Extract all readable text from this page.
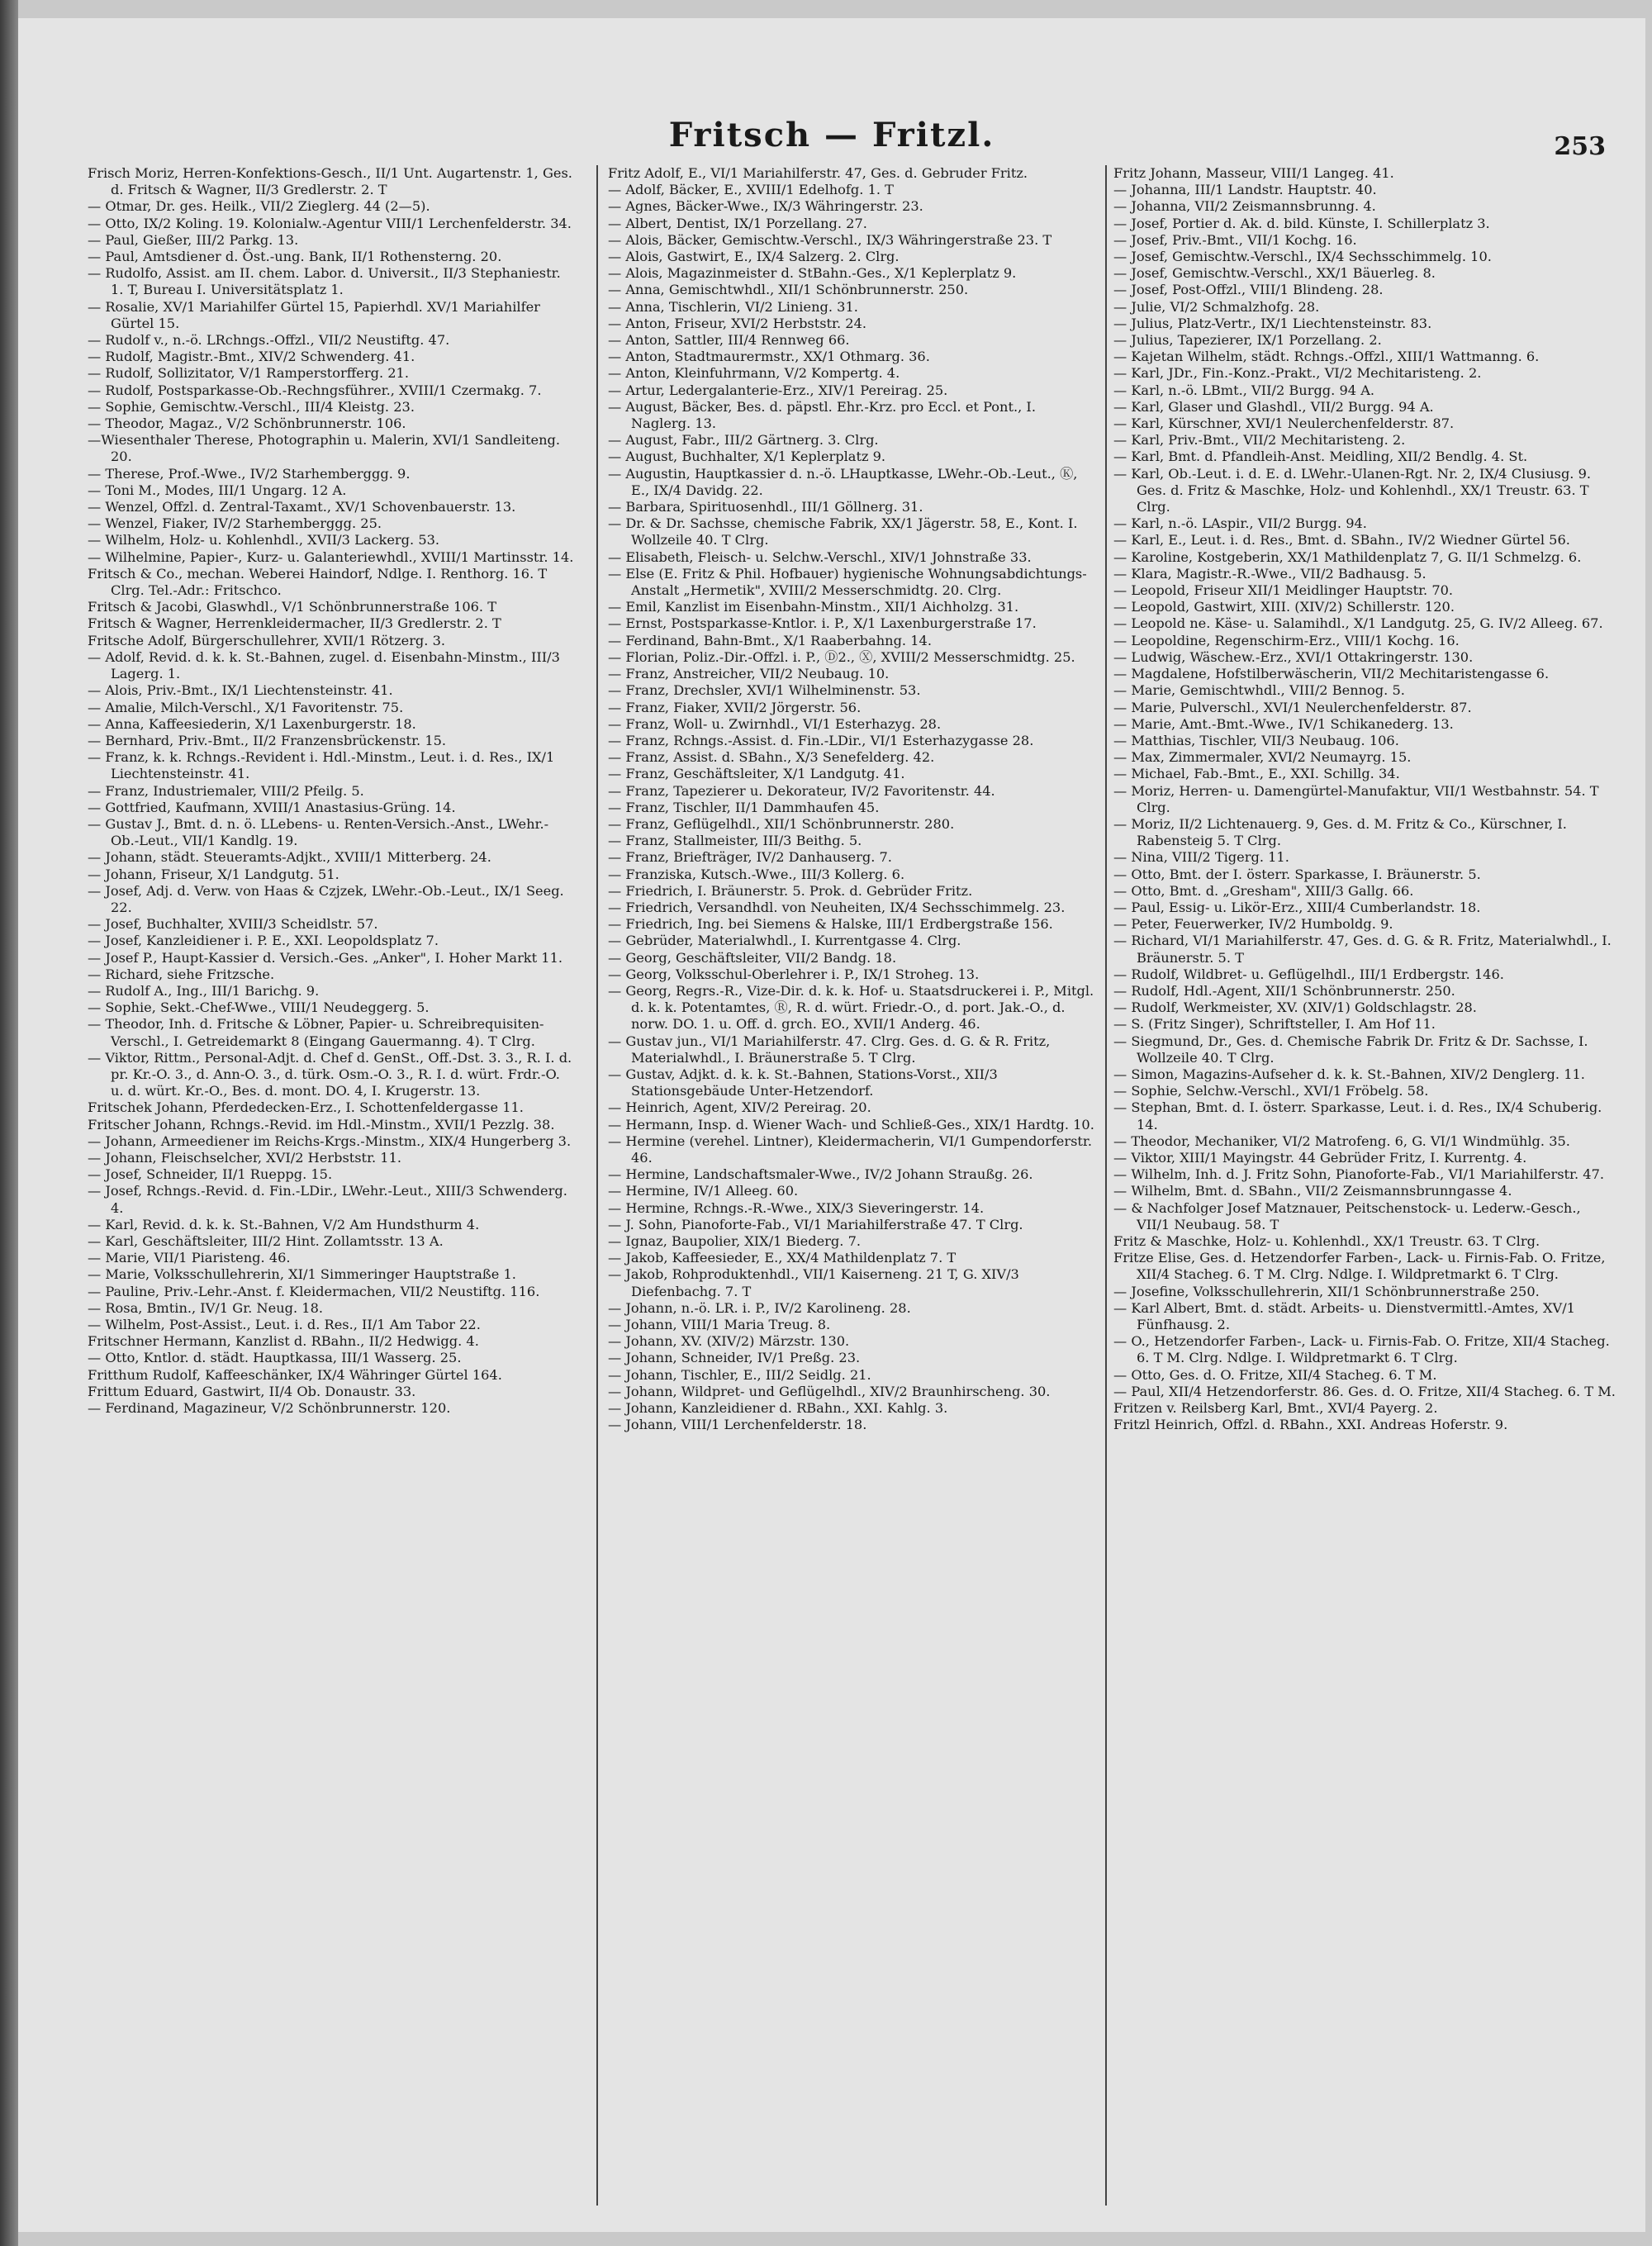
Fritsch — Fritzl.	253

Frisch Moriz, Herren-Konfektions-Gesch., II/1 Unt. Augartenstr. 1, Ges. d. Fritsch & Wagner, II/3 Gredlerstr. 2. T

— Otmar, Dr. ges. Heilk., VII/2 Zieglerg. 44 (2—5).

— Otto, IX/2 Koling. 19. Kolonialw.-Agentur VIII/1 Lerchenfelderstr. 34.

— Paul, Gießer, III/2 Parkg. 13.

— Paul, Amtsdiener d. Öst.-ung. Bank, II/1 Rothensterng. 20.

— Rudolfo, Assist. am II. chem. Labor. d. Universit., II/3 Stephaniestr. 1. T, Bureau I. Universitätsplatz 1.

— Rosalie, XV/1 Mariahilfer Gürtel 15, Papierhdl. XV/1 Mariahilfer Gürtel 15.

— Rudolf v., n.-ö. LRchngs.-Offzl., VII/2 Neustiftg. 47.

— Rudolf, Magistr.-Bmt., XIV/2 Schwenderg. 41.

— Rudolf, Sollizitator, V/1 Ramperstorfferg. 21.

— Rudolf, Postsparkasse-Ob.-Rechngsführer., XVIII/1 Czermakg. 7.

— Sophie, Gemischtw.-Verschl., III/4 Kleistg. 23.

— Theodor, Magaz., V/2 Schönbrunnerstr. 106.

—Wiesenthaler Therese, Photographin u. Malerin, XVI/1 Sandleiteng. 20.

— Therese, Prof.-Wwe., IV/2 Starhemberggg. 9.

— Toni M., Modes, III/1 Ungarg. 12 A.

— Wenzel, Offzl. d. Zentral-Taxamt., XV/1 Schovenbauerstr. 13.

— Wenzel, Fiaker, IV/2 Starhemberggg. 25.

— Wilhelm, Holz- u. Kohlenhdl., XVII/3 Lackerg. 53.

— Wilhelmine, Papier-, Kurz- u. Galanteriewhdl., XVIII/1 Martinsstr. 14.

Fritsch & Co., mechan. Weberei Haindorf, Ndlge. I. Renthorg. 16. T Clrg. Tel.-Adr.: Fritschco.

Fritsch & Jacobi, Glaswhdl., V/1 Schönbrunnerstraße 106. T

Fritsch & Wagner, Herrenkleidermacher, II/3 Gredlerstr. 2. T

Fritsche Adolf, Bürgerschullehrer, XVII/1 Rötzerg. 3.

— Adolf, Revid. d. k. k. St.-Bahnen, zugel. d. Eisenbahn-Minstm., III/3 Lagerg. 1.

— Alois, Priv.-Bmt., IX/1 Liechtensteinstr. 41.

— Amalie, Milch-Verschl., X/1 Favoritenstr. 75.

— Anna, Kaffeesiederin, X/1 Laxenburgerstr. 18.

— Bernhard, Priv.-Bmt., II/2 Franzensbrückenstr. 15.

— Franz, k. k. Rchngs.-Revident i. Hdl.-Minstm., Leut. i. d. Res., IX/1 Liechtensteinstr. 41.

— Franz, Industriemaler, VIII/2 Pfeilg. 5.

— Gottfried, Kaufmann, XVIII/1 Anastasius-Grüng. 14.

— Gustav J., Bmt. d. n. ö. LLebens- u. Renten-Versich.-Anst., LWehr.-Ob.-Leut., VII/1 Kandlg. 19.

— Johann, städt. Steueramts-Adjkt., XVIII/1 Mitterberg. 24.

— Johann, Friseur, X/1 Landgutg. 51.

— Josef, Adj. d. Verw. von Haas & Czjzek, LWehr.-Ob.-Leut., IX/1 Seeg. 22.

— Josef, Buchhalter, XVIII/3 Scheidlstr. 57.

— Josef, Kanzleidiener i. P. E., XXI. Leopoldsplatz 7.

— Josef P., Haupt-Kassier d. Versich.-Ges. „Anker", I. Hoher Markt 11.

— Richard, siehe Fritzsche.

— Rudolf A., Ing., III/1 Barichg. 9.

— Sophie, Sekt.-Chef-Wwe., VIII/1 Neudeggerg. 5.

— Theodor, Inh. d. Fritsche & Löbner, Papier- u. Schreibrequisiten-Verschl., I. Getreidemarkt 8 (Eingang Gauermanng. 4). T Clrg.

— Viktor, Rittm., Personal-Adjt. d. Chef d. GenSt., Off.-Dst. 3. 3., R. I. d. pr. Kr.-O. 3., d. Ann-O. 3., d. türk. Osm.-O. 3., R. I. d. würt. Frdr.-O. u. d. würt. Kr.-O., Bes. d. mont. DO. 4, I. Krugerstr. 13.

Fritschek Johann, Pferdedecken-Erz., I. Schottenfeldergasse 11.

Fritscher Johann, Rchngs.-Revid. im Hdl.-Minstm., XVII/1 Pezzlg. 38.

— Johann, Armeediener im Reichs-Krgs.-Minstm., XIX/4 Hungerberg 3.

— Johann, Fleischselcher, XVI/2 Herbststr. 11.

— Josef, Schneider, II/1 Rueppg. 15.

— Josef, Rchngs.-Revid. d. Fin.-LDir., LWehr.-Leut., XIII/3 Schwenderg. 4.

— Karl, Revid. d. k. k. St.-Bahnen, V/2 Am Hundsthurm 4.

— Karl, Geschäftsleiter, III/2 Hint. Zollamtsstr. 13 A.

— Marie, VII/1 Piaristeng. 46.

— Marie, Volksschullehrerin, XI/1 Simmeringer Hauptstraße 1.

— Pauline, Priv.-Lehr.-Anst. f. Kleidermachen, VII/2 Neustiftg. 116.

— Rosa, Bmtin., IV/1 Gr. Neug. 18.

— Wilhelm, Post-Assist., Leut. i. d. Res., II/1 Am Tabor 22.

Fritschner Hermann, Kanzlist d. RBahn., II/2 Hedwigg. 4.

— Otto, Kntlor. d. städt. Hauptkassa, III/1 Wasserg. 25.

Fritthum Rudolf, Kaffeeschänker, IX/4 Währinger Gürtel 164.

Frittum Eduard, Gastwirt, II/4 Ob. Donaustr. 33.

— Ferdinand, Magazineur, V/2 Schönbrunnerstr. 120.

Fritz Adolf, E., VI/1 Mariahilferstr. 47, Ges. d. Gebruder Fritz.

— Adolf, Bäcker, E., XVIII/1 Edelhofg. 1. T

— Agnes, Bäcker-Wwe., IX/3 Währingerstr. 23.

— Albert, Dentist, IX/1 Porzellang. 27.

— Alois, Bäcker, Gemischtw.-Verschl., IX/3 Währingerstraße 23. T

— Alois, Gastwirt, E., IX/4 Salzerg. 2. Clrg.

— Alois, Magazinmeister d. StBahn.-Ges., X/1 Keplerplatz 9.

— Anna, Gemischtwhdl., XII/1 Schönbrunnerstr. 250.

— Anna, Tischlerin, VI/2 Linieng. 31.

— Anton, Friseur, XVI/2 Herbststr. 24.

— Anton, Sattler, III/4 Rennweg 66.

— Anton, Stadtmaurermstr., XX/1 Othmarg. 36.

— Anton, Kleinfuhrmann, V/2 Kompertg. 4.

— Artur, Ledergalanterie-Erz., XIV/1 Pereirag. 25.

— August, Bäcker, Bes. d. päpstl. Ehr.-Krz. pro Eccl. et Pont., I. Naglerg. 13.

— August, Fabr., III/2 Gärtnerg. 3. Clrg.

— August, Buchhalter, X/1 Keplerplatz 9.

— Augustin, Hauptkassier d. n.-ö. LHauptkasse, LWehr.-Ob.-Leut., Ⓚ, E., IX/4 Davidg. 22.

— Barbara, Spirituosenhdl., III/1 Göllnerg. 31.

— Dr. & Dr. Sachsse, chemische Fabrik, XX/1 Jägerstr. 58, E., Kont. I. Wollzeile 40. T Clrg.

— Elisabeth, Fleisch- u. Selchw.-Verschl., XIV/1 Johnstraße 33.

— Else (E. Fritz & Phil. Hofbauer) hygienische Wohnungsabdichtungs-Anstalt „Hermetik", XVIII/2 Messerschmidtg. 20. Clrg.

— Emil, Kanzlist im Eisenbahn-Minstm., XII/1 Aichholzg. 31.

— Ernst, Postsparkasse-Kntlor. i. P., X/1 Laxenburgerstraße 17.

— Ferdinand, Bahn-Bmt., X/1 Raaberbahng. 14.

— Florian, Poliz.-Dir.-Offzl. i. P., Ⓓ2., Ⓧ, XVIII/2 Messerschmidtg. 25.

— Franz, Anstreicher, VII/2 Neubaug. 10.

— Franz, Drechsler, XVI/1 Wilhelminenstr. 53.

— Franz, Fiaker, XVII/2 Jörgerstr. 56.

— Franz, Woll- u. Zwirnhdl., VI/1 Esterhazyg. 28.

— Franz, Rchngs.-Assist. d. Fin.-LDir., VI/1 Esterhazygasse 28.

— Franz, Assist. d. SBahn., X/3 Senefelderg. 42.

— Franz, Geschäftsleiter, X/1 Landgutg. 41.

— Franz, Tapezierer u. Dekorateur, IV/2 Favoritenstr. 44.

— Franz, Tischler, II/1 Dammhaufen 45.

— Franz, Geflügelhdl., XII/1 Schönbrunnerstr. 280.

— Franz, Stallmeister, III/3 Beithg. 5.

— Franz, Briefträger, IV/2 Danhauserg. 7.

— Franziska, Kutsch.-Wwe., III/3 Kollerg. 6.

— Friedrich, I. Bräunerstr. 5. Prok. d. Gebrüder Fritz.

— Friedrich, Versandhdl. von Neuheiten, IX/4 Sechsschimmelg. 23.

— Friedrich, Ing. bei Siemens & Halske, III/1 Erdbergstraße 156.

— Gebrüder, Materialwhdl., I. Kurrentgasse 4. Clrg.

— Georg, Geschäftsleiter, VII/2 Bandg. 18.

— Georg, Volksschul-Oberlehrer i. P., IX/1 Stroheg. 13.

— Georg, Regrs.-R., Vize-Dir. d. k. k. Hof- u. Staatsdruckerei i. P., Mitgl. d. k. k. Potentamtes, Ⓡ, R. d. würt. Friedr.-O., d. port. Jak.-O., d. norw. DO. 1. u. Off. d. grch. EO., XVII/1 Anderg. 46.

— Gustav jun., VI/1 Mariahilferstr. 47. Clrg. Ges. d. G. & R. Fritz, Materialwhdl., I. Bräunerstraße 5. T Clrg.

— Gustav, Adjkt. d. k. k. St.-Bahnen, Stations-Vorst., XII/3 Stationsgebäude Unter-Hetzendorf.

— Heinrich, Agent, XIV/2 Pereirag. 20.

— Hermann, Insp. d. Wiener Wach- und Schließ-Ges., XIX/1 Hardtg. 10.

— Hermine (verehel. Lintner), Kleidermacherin, VI/1 Gumpendorferstr. 46.

— Hermine, Landschaftsmaler-Wwe., IV/2 Johann Straußg. 26.

— Hermine, IV/1 Alleeg. 60.

— Hermine, Rchngs.-R.-Wwe., XIX/3 Sieveringerstr. 14.

— J. Sohn, Pianoforte-Fab., VI/1 Mariahilferstraße 47. T Clrg.

— Ignaz, Baupolier, XIX/1 Biederg. 7.

— Jakob, Kaffeesieder, E., XX/4 Mathildenplatz 7. T

— Jakob, Rohproduktenhdl., VII/1 Kaiserneng. 21 T, G. XIV/3 Diefenbachg. 7. T

— Johann, n.-ö. LR. i. P., IV/2 Karolineng. 28.

— Johann, VIII/1 Maria Treug. 8.

— Johann, XV. (XIV/2) Märzstr. 130.

— Johann, Schneider, IV/1 Preßg. 23.

— Johann, Tischler, E., III/2 Seidlg. 21.

— Johann, Wildpret- und Geflügelhdl., XIV/2 Braunhirscheng. 30.

— Johann, Kanzleidiener d. RBahn., XXI. Kahlg. 3.

— Johann, VIII/1 Lerchenfelderstr. 18.

Fritz Johann, Masseur, VIII/1 Langeg. 41.

— Johanna, III/1 Landstr. Hauptstr. 40.

— Johanna, VII/2 Zeismannsbrunng. 4.

— Josef, Portier d. Ak. d. bild. Künste, I. Schillerplatz 3.

— Josef, Priv.-Bmt., VII/1 Kochg. 16.

— Josef, Gemischtw.-Verschl., IX/4 Sechsschimmelg. 10.

— Josef, Gemischtw.-Verschl., XX/1 Bäuerleg. 8.

— Josef, Post-Offzl., VIII/1 Blindeng. 28.

— Julie, VI/2 Schmalzhofg. 28.

— Julius, Platz-Vertr., IX/1 Liechtensteinstr. 83.

— Julius, Tapezierer, IX/1 Porzellang. 2.

— Kajetan Wilhelm, städt. Rchngs.-Offzl., XIII/1 Wattmanng. 6.

— Karl, JDr., Fin.-Konz.-Prakt., VI/2 Mechitaristeng. 2.

— Karl, n.-ö. LBmt., VII/2 Burgg. 94 A.

— Karl, Glaser und Glashdl., VII/2 Burgg. 94 A.

— Karl, Kürschner, XVI/1 Neulerchenfelderstr. 87.

— Karl, Priv.-Bmt., VII/2 Mechitaristeng. 2.

— Karl, Bmt. d. Pfandleih-Anst. Meidling, XII/2 Bendlg. 4. St.

— Karl, Ob.-Leut. i. d. E. d. LWehr.-Ulanen-Rgt. Nr. 2, IX/4 Clusiusg. 9. Ges. d. Fritz & Maschke, Holz- und Kohlenhdl., XX/1 Treustr. 63. T Clrg.

— Karl, n.-ö. LAspir., VII/2 Burgg. 94.

— Karl, E., Leut. i. d. Res., Bmt. d. SBahn., IV/2 Wiedner Gürtel 56.

— Karoline, Kostgeberin, XX/1 Mathildenplatz 7, G. II/1 Schmelzg. 6.

— Klara, Magistr.-R.-Wwe., VII/2 Badhausg. 5.

— Leopold, Friseur XII/1 Meidlinger Hauptstr. 70.

— Leopold, Gastwirt, XIII. (XIV/2) Schillerstr. 120.

— Leopold ne. Käse- u. Salamihdl., X/1 Landgutg. 25, G. IV/2 Alleeg. 67.

— Leopoldine, Regenschirm-Erz., VIII/1 Kochg. 16.

— Ludwig, Wäschew.-Erz., XVI/1 Ottakringerstr. 130.

— Magdalene, Hofstilberwäscherin, VII/2 Mechitaristengasse 6.

— Marie, Gemischtwhdl., VIII/2 Bennog. 5.

— Marie, Pulverschl., XVI/1 Neulerchenfelderstr. 87.

— Marie, Amt.-Bmt.-Wwe., IV/1 Schikanederg. 13.

— Matthias, Tischler, VII/3 Neubaug. 106.

— Max, Zimmermaler, XVI/2 Neumayrg. 15.

— Michael, Fab.-Bmt., E., XXI. Schillg. 34.

— Moriz, Herren- u. Damengürtel-Manufaktur, VII/1 Westbahnstr. 54. T Clrg.

— Moriz, II/2 Lichtenauerg. 9, Ges. d. M. Fritz & Co., Kürschner, I. Rabensteig 5. T Clrg.

— Nina, VIII/2 Tigerg. 11.

— Otto, Bmt. der I. österr. Sparkasse, I. Bräunerstr. 5.

— Otto, Bmt. d. „Gresham", XIII/3 Gallg. 66.

— Paul, Essig- u. Likör-Erz., XIII/4 Cumberlandstr. 18.

— Peter, Feuerwerker, IV/2 Humboldg. 9.

— Richard, VI/1 Mariahilferstr. 47, Ges. d. G. & R. Fritz, Materialwhdl., I. Bräunerstr. 5. T

— Rudolf, Wildbret- u. Geflügelhdl., III/1 Erdbergstr. 146.

— Rudolf, Hdl.-Agent, XII/1 Schönbrunnerstr. 250.

— Rudolf, Werkmeister, XV. (XIV/1) Goldschlagstr. 28.

— S. (Fritz Singer), Schriftsteller, I. Am Hof 11.

— Siegmund, Dr., Ges. d. Chemische Fabrik Dr. Fritz & Dr. Sachsse, I. Wollzeile 40. T Clrg.

— Simon, Magazins-Aufseher d. k. k. St.-Bahnen, XIV/2 Denglerg. 11.

— Sophie, Selchw.-Verschl., XVI/1 Fröbelg. 58.

— Stephan, Bmt. d. I. österr. Sparkasse, Leut. i. d. Res., IX/4 Schuberig. 14.

— Theodor, Mechaniker, VI/2 Matrofeng. 6, G. VI/1 Windmühlg. 35.

— Viktor, XIII/1 Mayingstr. 44 Gebrüder Fritz, I. Kurrentg. 4.

— Wilhelm, Inh. d. J. Fritz Sohn, Pianoforte-Fab., VI/1 Mariahilferstr. 47.

— Wilhelm, Bmt. d. SBahn., VII/2 Zeismannsbrunngasse 4.

— & Nachfolger Josef Matznauer, Peitschenstock- u. Lederw.-Gesch., VII/1 Neubaug. 58. T

Fritz & Maschke, Holz- u. Kohlenhdl., XX/1 Treustr. 63. T Clrg.

Fritze Elise, Ges. d. Hetzendorfer Farben-, Lack- u. Firnis-Fab. O. Fritze, XII/4 Stacheg. 6. T M. Clrg. Ndlge. I. Wildpretmarkt 6. T Clrg.

— Josefine, Volksschullehrerin, XII/1 Schönbrunnerstraße 250.

— Karl Albert, Bmt. d. städt. Arbeits- u. Dienstvermittl.-Amtes, XV/1 Fünfhausg. 2.

— O., Hetzendorfer Farben-, Lack- u. Firnis-Fab. O. Fritze, XII/4 Stacheg. 6. T M. Clrg. Ndlge. I. Wildpretmarkt 6. T Clrg.

— Otto, Ges. d. O. Fritze, XII/4 Stacheg. 6. T M.

— Paul, XII/4 Hetzendorferstr. 86. Ges. d. O. Fritze, XII/4 Stacheg. 6. T M.

Fritzen v. Reilsberg Karl, Bmt., XVI/4 Payerg. 2.

Fritzl Heinrich, Offzl. d. RBahn., XXI. Andreas Hoferstr. 9.
